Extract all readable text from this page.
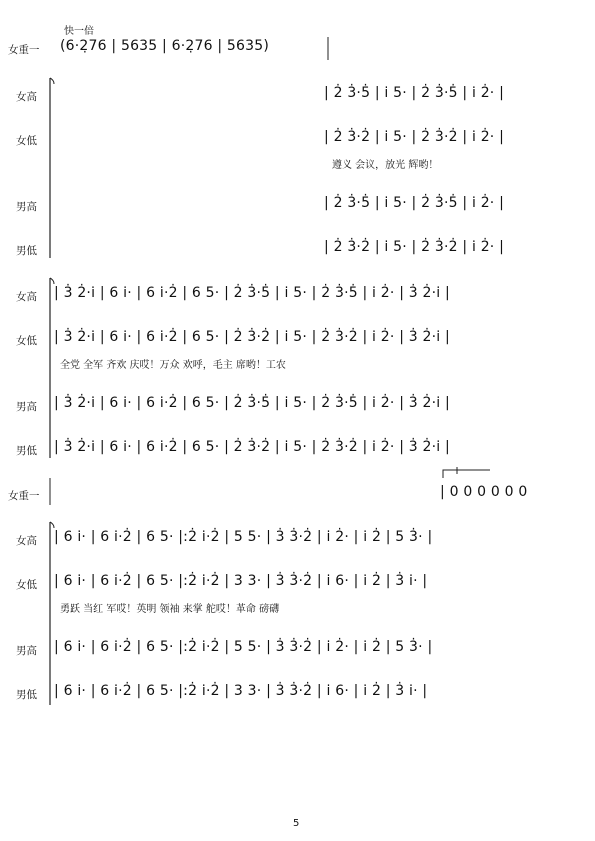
快一倍
女重一 (6·2̣76 | 5635 | 6·2̣76 | 5635)
女高	| 2̇ 3̇·5̇ | i̇ 5· | 2̇ 3̇·5̇ | i̇ 2̇· |
女低	| 2̇ 3̇·2̇ | i̇ 5· | 2̇ 3̇·2̇ | i̇ 2̇· |
遵义 会议，放光 辉哟！
男高	| 2̇ 3̇·5̇ | i̇ 5· | 2̇ 3̇·5̇ | i̇ 2̇· |
男低	| 2̇ 3̇·2̇ | i̇ 5· | 2̇ 3̇·2̇ | i̇ 2̇· |
女高 | 3̇ 2̇·i̇ | 6 i̇· | 6 i̇·2̇ | 6 5· | 2̇ 3̇·5̇ | i̇ 5· | 2̇ 3̇·5̇ | i̇ 2̇· | 3̇ 2̇·i̇ |
女低 | 3̇ 2̇·i̇ | 6 i̇· | 6 i̇·2̇ | 6 5· | 2̇ 3̇·2̇ | i̇ 5· | 2̇ 3̇·2̇ | i̇ 2̇· | 3̇ 2̇·i̇ |
全党 全军 齐欢 庆哎！万众 欢呼，毛主 席哟！工农
男高 | 3̇ 2̇·i̇ | 6 i̇· | 6 i̇·2̇ | 6 5· | 2̇ 3̇·5̇ | i̇ 5· | 2̇ 3̇·5̇ | i̇ 2̇· | 3̇ 2̇·i̇ |
男低 | 3̇ 2̇·i̇ | 6 i̇· | 6 i̇·2̇ | 6 5· | 2̇ 3̇·2̇ | i̇ 5· | 2̇ 3̇·2̇ | i̇ 2̇· | 3̇ 2̇·i̇ |
女重一	| 0 0 0 0 0 0
女高 | 6 i̇· | 6 i̇·2̇ | 6 5· |:2̇ i̇·2̇ | 5 5· | 3̇ 3̇·2̇ | i̇ 2̇· | i̇ 2̇ | 5 3̇· |
女低 | 6 i̇· | 6 i̇·2̇ | 6 5· |:2̇ i̇·2̇ | 3 3· | 3̇ 3̇·2̇ | i̇ 6· | i̇ 2̇ | 3̇ i̇· |
勇跃 当红 军哎！英明 领袖 来掌 舵哎！革命 磅礴
男高 | 6 i̇· | 6 i̇·2̇ | 6 5· |:2̇ i̇·2̇ | 5 5· | 3̇ 3̇·2̇ | i̇ 2̇· | i̇ 2̇ | 5 3̇· |
男低 | 6 i̇· | 6 i̇·2̇ | 6 5· |:2̇ i̇·2̇ | 3 3· | 3̇ 3̇·2̇ | i̇ 6· | i̇ 2̇ | 3̇ i̇· |
5
